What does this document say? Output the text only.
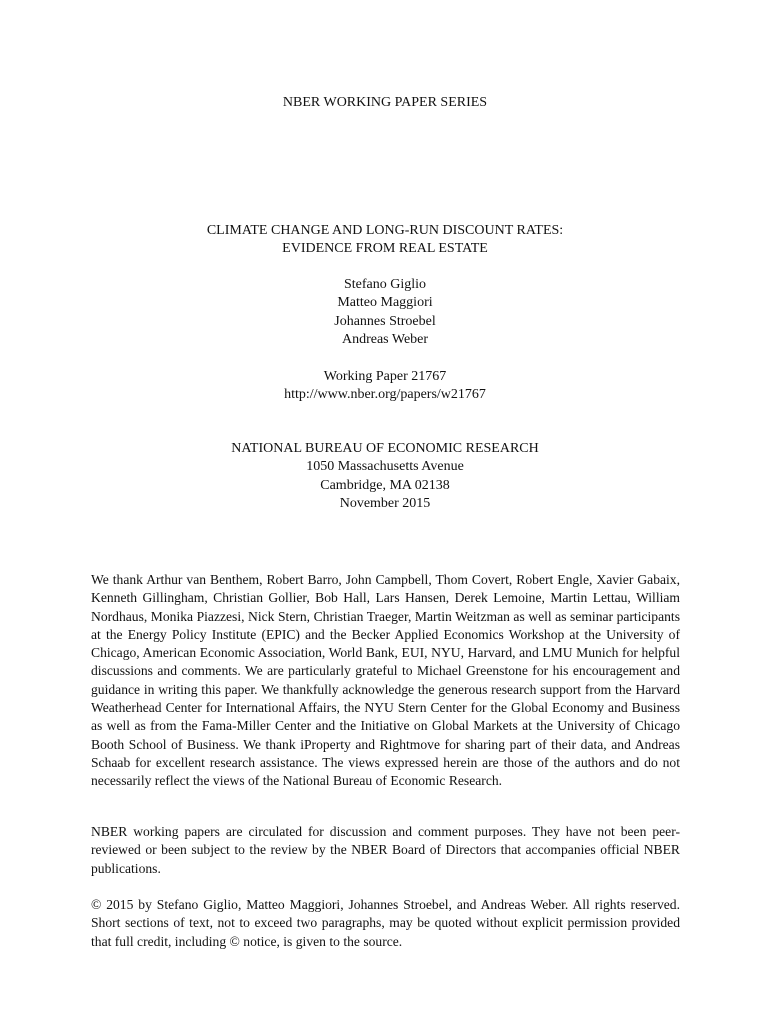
NBER WORKING PAPER SERIES
CLIMATE CHANGE AND LONG-RUN DISCOUNT RATES:
EVIDENCE FROM REAL ESTATE
Stefano Giglio
Matteo Maggiori
Johannes Stroebel
Andreas Weber
Working Paper 21767
http://www.nber.org/papers/w21767
NATIONAL BUREAU OF ECONOMIC RESEARCH
1050 Massachusetts Avenue
Cambridge, MA 02138
November 2015
We thank Arthur van Benthem, Robert Barro, John Campbell, Thom Covert, Robert Engle, Xavier Gabaix, Kenneth Gillingham, Christian Gollier, Bob Hall, Lars Hansen, Derek Lemoine, Martin Lettau, William Nordhaus, Monika Piazzesi, Nick Stern, Christian Traeger, Martin Weitzman as well as seminar participants at the Energy Policy Institute (EPIC) and the Becker Applied Economics Workshop at the University of Chicago, American Economic Association, World Bank, EUI, NYU, Harvard, and LMU Munich for helpful discussions and comments. We are particularly grateful to Michael Greenstone for his encouragement and guidance in writing this paper. We thankfully acknowledge the generous research support from the Harvard Weatherhead Center for International Affairs, the NYU Stern Center for the Global Economy and Business as well as from the Fama-Miller Center and the Initiative on Global Markets at the University of Chicago Booth School of Business. We thank iProperty and Rightmove for sharing part of their data, and Andreas Schaab for excellent research assistance. The views expressed herein are those of the authors and do not necessarily reflect the views of the National Bureau of Economic Research.
NBER working papers are circulated for discussion and comment purposes. They have not been peer-reviewed or been subject to the review by the NBER Board of Directors that accompanies official NBER publications.
© 2015 by Stefano Giglio, Matteo Maggiori, Johannes Stroebel, and Andreas Weber. All rights reserved. Short sections of text, not to exceed two paragraphs, may be quoted without explicit permission provided that full credit, including © notice, is given to the source.
